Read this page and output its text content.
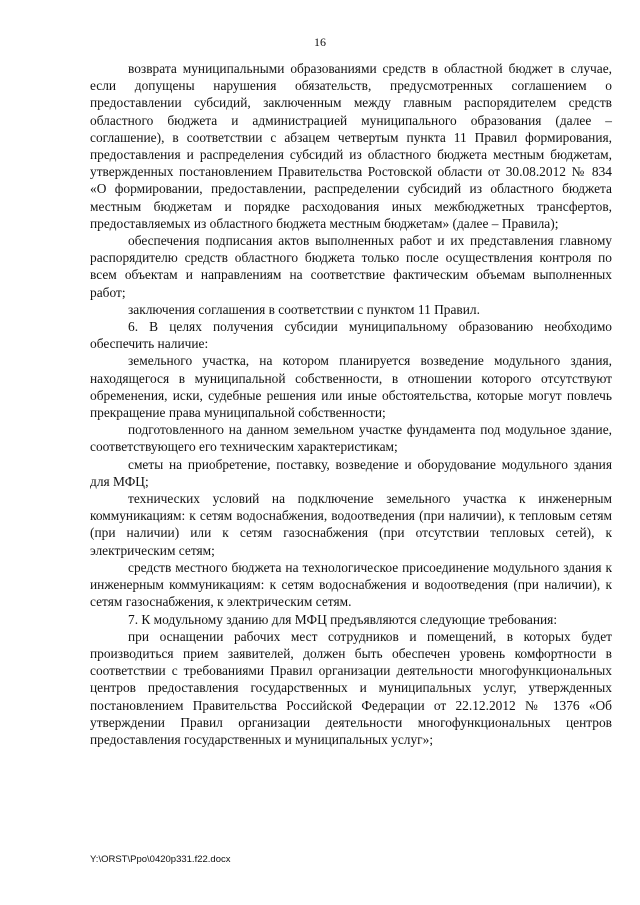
16

возврата муниципальными образованиями средств в областной бюджет в случае, если допущены нарушения обязательств, предусмотренных соглашением о предоставлении субсидий, заключенным между главным распорядителем средств областного бюджета и администрацией муниципального образования (далее – соглашение), в соответствии с абзацем четвертым пункта 11 Правил формирования, предоставления и распределения субсидий из областного бюджета местным бюджетам, утвержденных постановлением Правительства Ростовской области от 30.08.2012 № 834 «О формировании, предоставлении, распределении субсидий из областного бюджета местным бюджетам и порядке расходования иных межбюджетных трансфертов, предоставляемых из областного бюджета местным бюджетам» (далее – Правила);

обеспечения подписания актов выполненных работ и их представления главному распорядителю средств областного бюджета только после осуществления контроля по всем объектам и направлениям на соответствие фактическим объемам выполненных работ;

заключения соглашения в соответствии с пунктом 11 Правил.

6. В целях получения субсидии муниципальному образованию необходимо обеспечить наличие:

земельного участка, на котором планируется возведение модульного здания, находящегося в муниципальной собственности, в отношении которого отсутствуют обременения, иски, судебные решения или иные обстоятельства, которые могут повлечь прекращение права муниципальной собственности;

подготовленного на данном земельном участке фундамента под модульное здание, соответствующего его техническим характеристикам;

сметы на приобретение, поставку, возведение и оборудование модульного здания для МФЦ;

технических условий на подключение земельного участка к инженерным коммуникациям: к сетям водоснабжения, водоотведения (при наличии), к тепловым сетям (при наличии) или к сетям газоснабжения (при отсутствии тепловых сетей), к электрическим сетям;

средств местного бюджета на технологическое присоединение модульного здания к инженерным коммуникациям: к сетям водоснабжения и водоотведения (при наличии), к сетям газоснабжения, к электрическим сетям.

7. К модульному зданию для МФЦ предъявляются следующие требования:

при оснащении рабочих мест сотрудников и помещений, в которых будет производиться прием заявителей, должен быть обеспечен уровень комфортности в соответствии с требованиями Правил организации деятельности многофункциональных центров предоставления государственных и муниципальных услуг, утвержденных постановлением Правительства Российской Федерации от 22.12.2012 № 1376 «Об утверждении Правил организации деятельности многофункциональных центров предоставления государственных и муниципальных услуг»;

Y:\ORST\Ppo\0420p331.f22.docx
